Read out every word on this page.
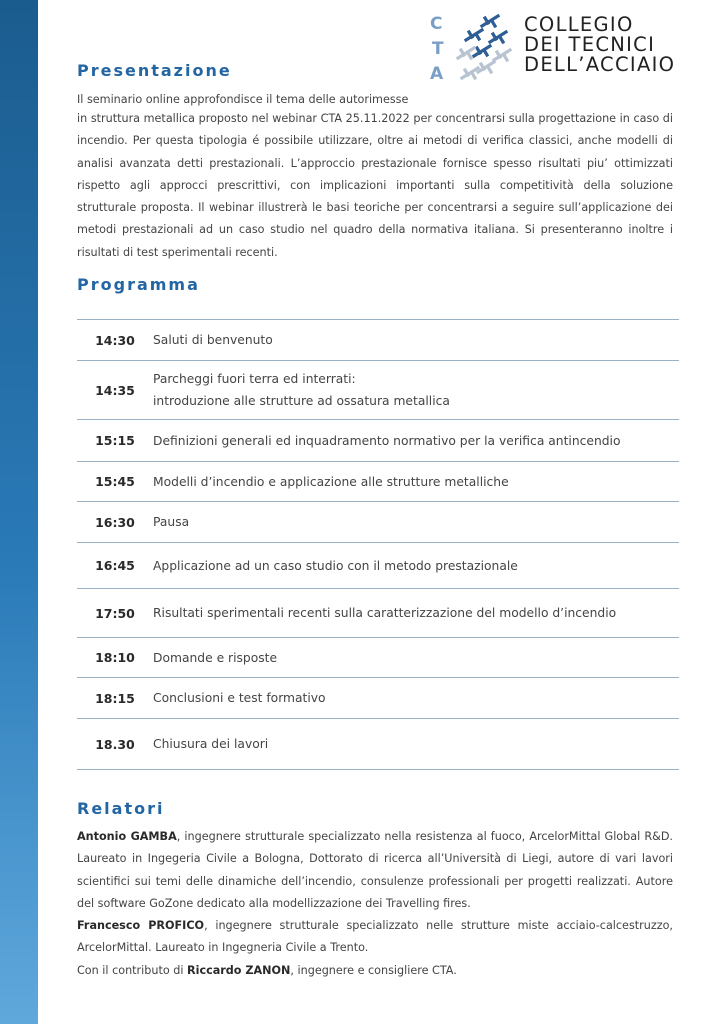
C
T
A
COLLEGIO
DEI TECNICI
DELL’ACCIAIO
Presentazione

Il seminario online approfondisce il tema delle autorimesse

in struttura metallica proposto nel webinar CTA 25.11.2022 per concentrarsi sulla progettazione in caso di incendio. Per questa tipologia é possibile utilizzare, oltre ai metodi di verifica classici, anche modelli di analisi avanzata detti prestazionali. L’approccio prestazionale fornisce spesso risultati piu’ ottimizzati rispetto agli approcci prescrittivi, con implicazioni importanti sulla competitività della soluzione strutturale proposta. Il webinar illustrerà le basi teoriche per concentrarsi a seguire sull’applicazione dei metodi prestazionali ad un caso studio nel quadro della normativa italiana. Si presenteranno inoltre i risultati di test sperimentali recenti.

Programma
14:30	Saluti di benvenuto
14:35
Parcheggi fuori terra ed interrati:
introduzione alle strutture ad ossatura metallica
15:15	Definizioni generali ed inquadramento normativo per la verifica antincendio
15:45	Modelli d’incendio e applicazione alle strutture metalliche
16:30	Pausa
16:45	Applicazione ad un caso studio con il metodo prestazionale
17:50	Risultati sperimentali recenti sulla caratterizzazione del modello d’incendio
18:10	Domande e risposte
18:15	Conclusioni e test formativo
18.30	Chiusura dei lavori
Relatori

Antonio GAMBA, ingegnere strutturale specializzato nella resistenza al fuoco, ArcelorMittal Global R&D. Laureato in Ingegeria Civile a Bologna, Dottorato di ricerca all’Università di Liegi, autore di vari lavori scientifici sui temi delle dinamiche dell’incendio, consulenze professionali per progetti realizzati. Autore del software GoZone dedicato alla modellizzazione dei Travelling fires.

Francesco PROFICO, ingegnere strutturale specializzato nelle strutture miste acciaio-calcestruzzo, ArcelorMittal. Laureato in Ingegneria Civile a Trento.

Con il contributo di Riccardo ZANON, ingegnere e consigliere CTA.
